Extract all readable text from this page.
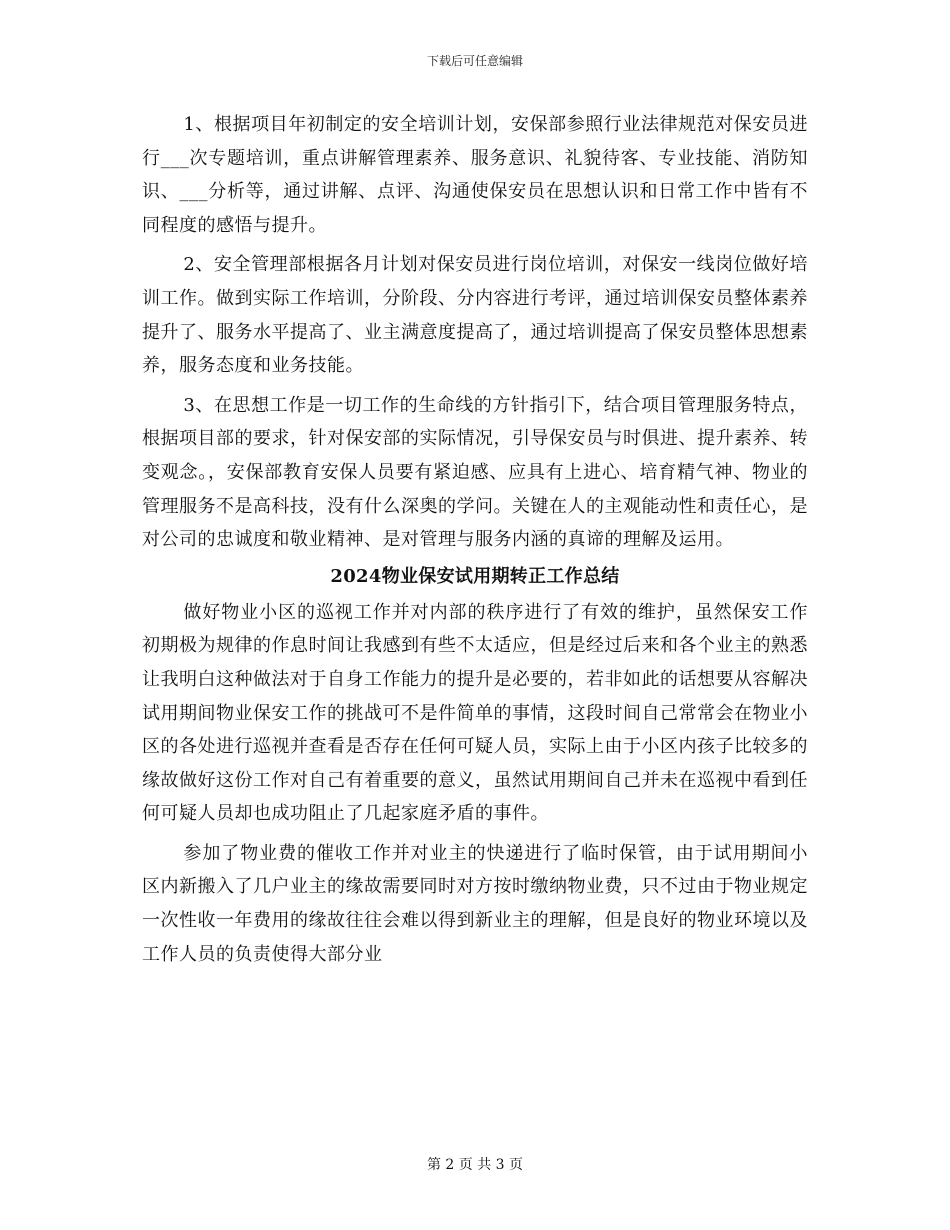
下载后可任意编辑

1、根据项目年初制定的安全培训计划，安保部参照行业法律规范对保安员进行___次专题培训，重点讲解管理素养、服务意识、礼貌待客、专业技能、消防知识、___分析等，通过讲解、点评、沟通使保安员在思想认识和日常工作中皆有不同程度的感悟与提升。

2、安全管理部根据各月计划对保安员进行岗位培训，对保安一线岗位做好培训工作。做到实际工作培训，分阶段、分内容进行考评，通过培训保安员整体素养提升了、服务水平提高了、业主满意度提高了，通过培训提高了保安员整体思想素养，服务态度和业务技能。

3、在思想工作是一切工作的生命线的方针指引下，结合项目管理服务特点，根据项目部的要求，针对保安部的实际情况，引导保安员与时俱进、提升素养、转变观念。，安保部教育安保人员要有紧迫感、应具有上进心、培育精气神、物业的管理服务不是高科技，没有什么深奥的学问。关键在人的主观能动性和责任心，是对公司的忠诚度和敬业精神、是对管理与服务内涵的真谛的理解及运用。

2024物业保安试用期转正工作总结

做好物业小区的巡视工作并对内部的秩序进行了有效的维护，虽然保安工作初期极为规律的作息时间让我感到有些不太适应，但是经过后来和各个业主的熟悉让我明白这种做法对于自身工作能力的提升是必要的，若非如此的话想要从容解决试用期间物业保安工作的挑战可不是件简单的事情，这段时间自己常常会在物业小区的各处进行巡视并查看是否存在任何可疑人员，实际上由于小区内孩子比较多的缘故做好这份工作对自己有着重要的意义，虽然试用期间自己并未在巡视中看到任何可疑人员却也成功阻止了几起家庭矛盾的事件。

参加了物业费的催收工作并对业主的快递进行了临时保管，由于试用期间小区内新搬入了几户业主的缘故需要同时对方按时缴纳物业费，只不过由于物业规定一次性收一年费用的缘故往往会难以得到新业主的理解，但是良好的物业环境以及工作人员的负责使得大部分业

第 2 页 共 3 页
